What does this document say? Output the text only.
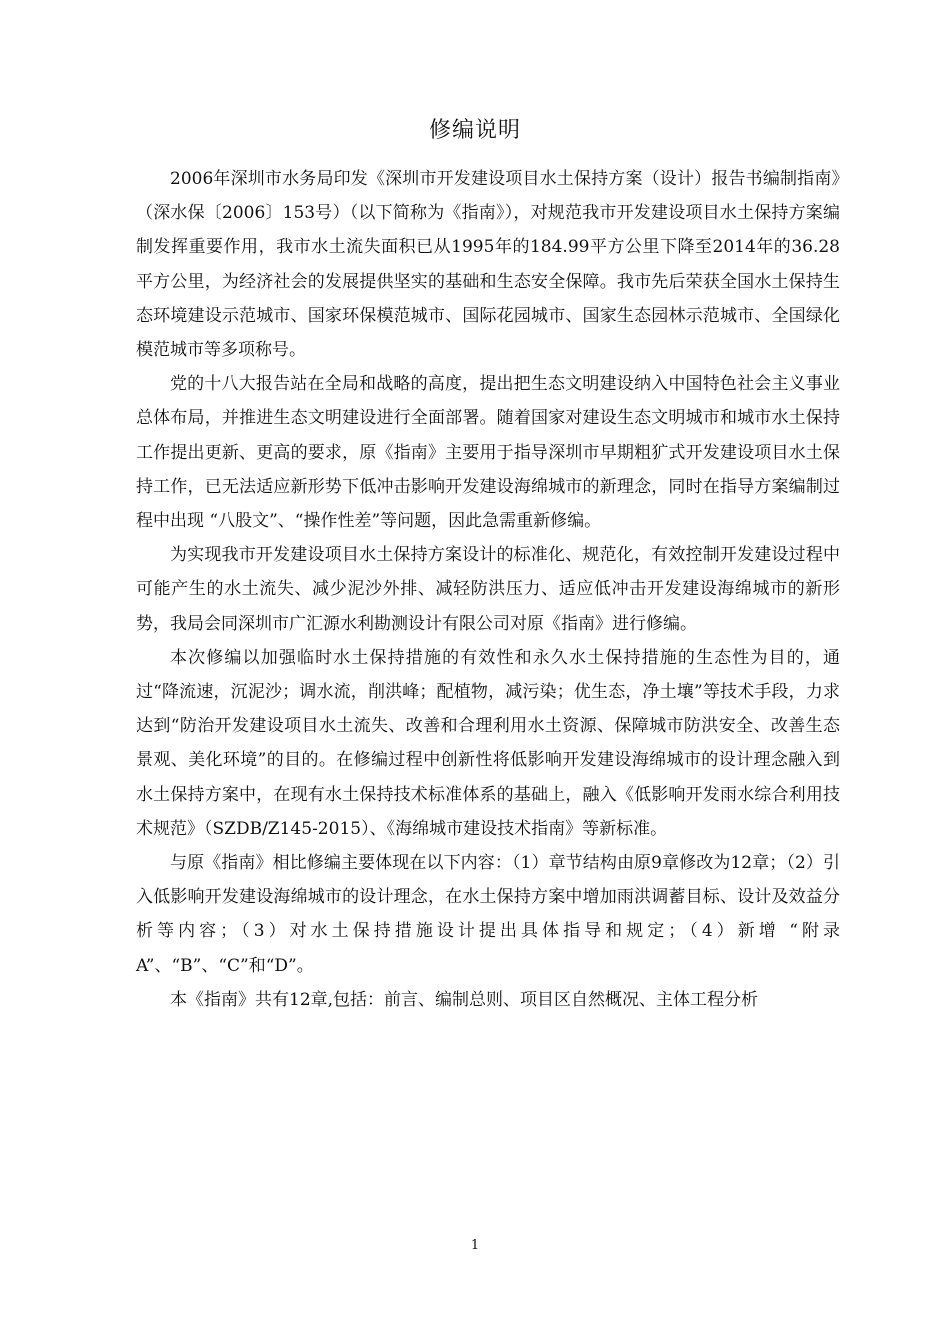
修编说明

2006年深圳市水务局印发《深圳市开发建设项目水土保持方案（设计）报告书编制指南》（深水保〔2006〕153号）（以下简称为《指南》），对规范我市开发建设项目水土保持方案编制发挥重要作用，我市水土流失面积已从1995年的184.99平方公里下降至2014年的36.28平方公里，为经济社会的发展提供坚实的基础和生态安全保障。我市先后荣获全国水土保持生态环境建设示范城市、国家环保模范城市、国际花园城市、国家生态园林示范城市、全国绿化模范城市等多项称号。

党的十八大报告站在全局和战略的高度，提出把生态文明建设纳入中国特色社会主义事业总体布局，并推进生态文明建设进行全面部署。随着国家对建设生态文明城市和城市水土保持工作提出更新、更高的要求，原《指南》主要用于指导深圳市早期粗犷式开发建设项目水土保持工作，已无法适应新形势下低冲击影响开发建设海绵城市的新理念，同时在指导方案编制过程中出现 “八股文”、“操作性差”等问题，因此急需重新修编。

为实现我市开发建设项目水土保持方案设计的标准化、规范化，有效控制开发建设过程中可能产生的水土流失、减少泥沙外排、减轻防洪压力、适应低冲击开发建设海绵城市的新形势，我局会同深圳市广汇源水利勘测设计有限公司对原《指南》进行修编。

本次修编以加强临时水土保持措施的有效性和永久水土保持措施的生态性为目的，通过“降流速，沉泥沙；调水流，削洪峰；配植物，减污染；优生态，净土壤”等技术手段，力求达到“防治开发建设项目水土流失、改善和合理利用水土资源、保障城市防洪安全、改善生态景观、美化环境”的目的。在修编过程中创新性将低影响开发建设海绵城市的设计理念融入到水土保持方案中，在现有水土保持技术标准体系的基础上，融入《低影响开发雨水综合利用技术规范》（SZDB/Z145-2015）、《海绵城市建设技术指南》等新标准。

与原《指南》相比修编主要体现在以下内容：（1）章节结构由原9章修改为12章；（2）引入低影响开发建设海绵城市的设计理念，在水土保持方案中增加雨洪调蓄目标、设计及效益分析等内容；（3）对水土保持措施设计提出具体指导和规定；（4）新增 “附录A”、“B”、“C”和“D”。

本《指南》共有12章,包括：前言、编制总则、项目区自然概况、主体工程分析

1
